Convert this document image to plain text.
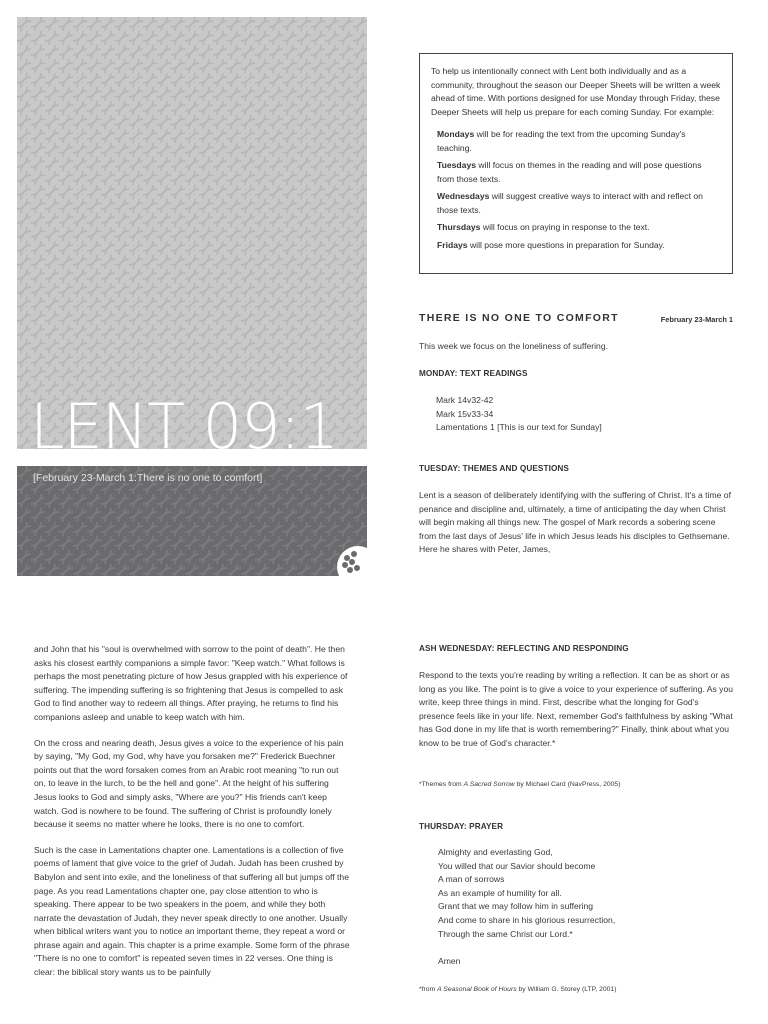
LENT 09:1

[February 23-March 1:There is no one to comfort]

To help us intentionally connect with Lent both individually and as a community, throughout the season our Deeper Sheets will be written a week ahead of time. With portions designed for use Monday through Friday, these Deeper Sheets will help us prepare for each coming Sunday. For example:

Mondays will be for reading the text from the upcoming Sunday's teaching.
Tuesdays will focus on themes in the reading and will pose questions from those texts.
Wednesdays will suggest creative ways to interact with and reflect on those texts.
Thursdays will focus on praying in response to the text.
Fridays will pose more questions in preparation for Sunday.
THERE IS NO ONE TO COMFORT	February 23-March 1

This week we focus on the loneliness of suffering.

MONDAY: TEXT READINGS
Mark 14v32-42
Mark 15v33-34
Lamentations 1 [This is our text for Sunday]
TUESDAY: THEMES AND QUESTIONS

Lent is a season of deliberately identifying with the suffering of Christ. It's a time of penance and discipline and, ultimately, a time of anticipating the day when Christ will begin making all things new. The gospel of Mark records a sobering scene from the last days of Jesus' life in which Jesus leads his disciples to Gethsemane. Here he shares with Peter, James,

and John that his "soul is overwhelmed with sorrow to the point of death". He then asks his closest earthly companions a simple favor: "Keep watch." What follows is perhaps the most penetrating picture of how Jesus grappled with his experience of suffering. The impending suffering is so frightening that Jesus is compelled to ask God to find another way to redeem all things. After praying, he returns to find his companions asleep and unable to keep watch with him.

On the cross and nearing death, Jesus gives a voice to the experience of his pain by saying, "My God, my God, why have you forsaken me?" Frederick Buechner points out that the word forsaken comes from an Arabic root meaning "to run out on, to leave in the lurch, to be the hell and gone". At the height of his suffering Jesus looks to God and simply asks, "Where are you?" His friends can't keep watch. God is nowhere to be found. The suffering of Christ is profoundly lonely because it seems no matter where he looks, there is no one to comfort.

Such is the case in Lamentations chapter one. Lamentations is a collection of five poems of lament that give voice to the grief of Judah. Judah has been crushed by Babylon and sent into exile, and the loneliness of that suffering all but jumps off the page. As you read Lamentations chapter one, pay close attention to who is speaking. There appear to be two speakers in the poem, and while they both narrate the devastation of Judah, they never speak directly to one another. Usually when biblical writers want you to notice an important theme, they repeat a word or phrase again and again. This chapter is a prime example. Some form of the phrase "There is no one to comfort" is repeated seven times in 22 verses. One thing is clear: the biblical story wants us to be painfully

ASH WEDNESDAY: REFLECTING AND RESPONDING

Respond to the texts you're reading by writing a reflection. It can be as short or as long as you like. The point is to give a voice to your experience of suffering. As you write, keep three things in mind. First, describe what the longing for God's presence feels like in your life. Next, remember God's faithfulness by asking "What has God done in my life that is worth remembering?" Finally, think about what you know to be true of God's character.*

*Themes from A Sacred Sorrow by Michael Card (NavPress, 2005)

THURSDAY: PRAYER
Almighty and everlasting God,
You willed that our Savior should become
A man of sorrows
As an example of humility for all.
Grant that we may follow him in suffering
And come to share in his glorious resurrection,
Through the same Christ our Lord.*

Amen

*from A Seasonal Book of Hours by William G. Storey (LTP, 2001)
